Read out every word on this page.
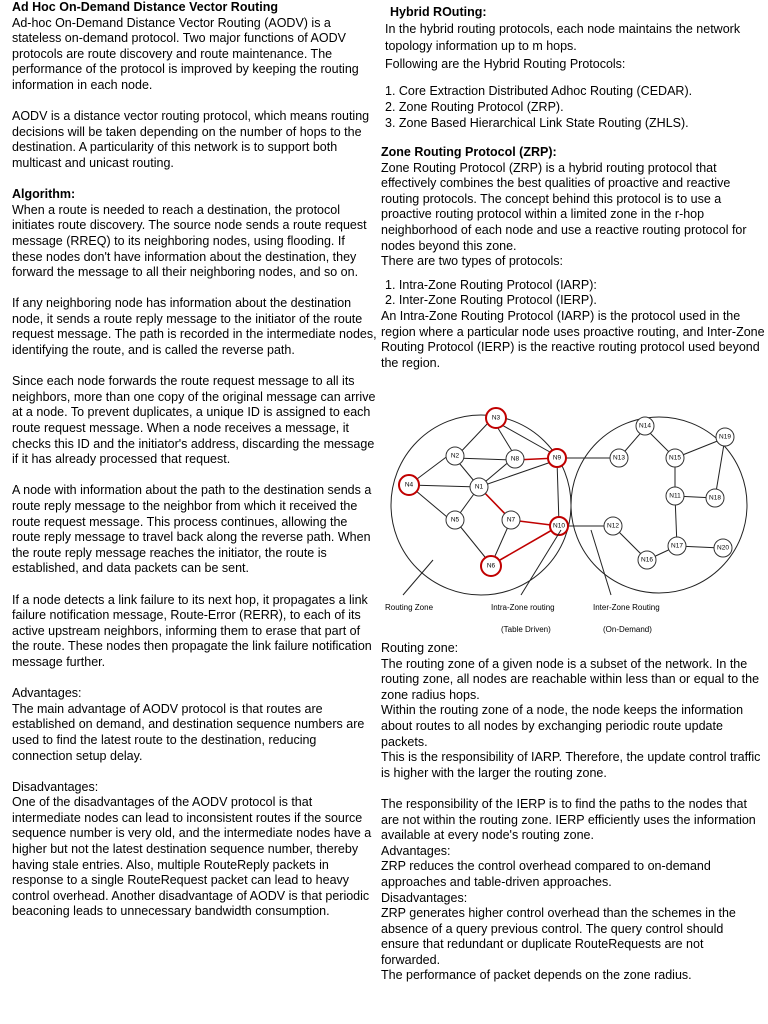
Ad Hoc On-Demand Distance Vector Routing

Ad-hoc On-Demand Distance Vector Routing (AODV) is a stateless on-demand protocol. Two major functions of AODV protocols are route discovery and route maintenance. The performance of the protocol is improved by keeping the routing information in each node.

AODV is a distance vector routing protocol, which means routing decisions will be taken depending on the number of hops to the destination. A particularity of this network is to support both multicast and unicast routing.

Algorithm:

When a route is needed to reach a destination, the protocol initiates route discovery. The source node sends a route request message (RREQ) to its neighboring nodes, using flooding. If these nodes don't have information about the destination, they forward the message to all their neighboring nodes, and so on.

If any neighboring node has information about the destination node, it sends a route reply message to the initiator of the route request message. The path is recorded in the intermediate nodes, identifying the route, and is called the reverse path.

Since each node forwards the route request message to all its neighbors, more than one copy of the original message can arrive at a node. To prevent duplicates, a unique ID is assigned to each route request message. When a node receives a message, it checks this ID and the initiator's address, discarding the message if it has already processed that request.

A node with information about the path to the destination sends a route reply message to the neighbor from which it received the route request message. This process continues, allowing the route reply message to travel back along the reverse path. When the route reply message reaches the initiator, the route is established, and data packets can be sent.

If a node detects a link failure to its next hop, it propagates a link failure notification message, Route-Error (RERR), to each of its active upstream neighbors, informing them to erase that part of the route. These nodes then propagate the link failure notification message further.

Advantages:

The main advantage of AODV protocol is that routes are established on demand, and destination sequence numbers are used to find the latest route to the destination, reducing connection setup delay.

Disadvantages:

One of the disadvantages of the AODV protocol is that intermediate nodes can lead to inconsistent routes if the source sequence number is very old, and the intermediate nodes have a higher but not the latest destination sequence number, thereby having stale entries. Also, multiple RouteReply packets in response to a single RouteRequest packet can lead to heavy control overhead. Another disadvantage of AODV is that periodic beaconing leads to unnecessary bandwidth consumption.

Hybrid ROuting:

In the hybrid routing protocols, each node maintains the network topology information up to m hops.

Following are the Hybrid Routing Protocols:

1. Core Extraction Distributed Adhoc Routing (CEDAR).
2. Zone Routing Protocol (ZRP).
3. Zone Based Hierarchical Link State Routing (ZHLS).
Zone Routing Protocol (ZRP):

Zone Routing Protocol (ZRP) is a hybrid routing protocol that effectively combines the best qualities of proactive and reactive routing protocols. The concept behind this protocol is to use a proactive routing protocol within a limited zone in the r-hop neighborhood of each node and use a reactive routing protocol for nodes beyond this zone.

There are two types of protocols:

1. Intra-Zone Routing Protocol (IARP):
2. Inter-Zone Routing Protocol (IERP).

An Intra-Zone Routing Protocol (IARP) is the protocol used in the region where a particular node uses proactive routing, and Inter-Zone Routing Protocol (IERP) is the reactive routing protocol used beyond the region.

N3
N2
N4	N1
N8	N9
N5	N7
N6
N10
N13
N14
N15
N19
N11	N18
N12
N17
N16
N20
Routing Zone	Intra-Zone routing
(Table Driven)
Inter-Zone Routing
(On-Demand)

Routing zone:

The routing zone of a given node is a subset of the network. In the routing zone, all nodes are reachable within less than or equal to the zone radius hops.

Within the routing zone of a node, the node keeps the information about routes to all nodes by exchanging periodic route update packets.

This is the responsibility of IARP. Therefore, the update control traffic is higher with the larger the routing zone.

The responsibility of the IERP is to find the paths to the nodes that are not within the routing zone. IERP efficiently uses the information available at every node's routing zone.

Advantages:

ZRP reduces the control overhead compared to on-demand approaches and table-driven approaches.

Disadvantages:

ZRP generates higher control overhead than the schemes in the absence of a query previous control. The query control should ensure that redundant or duplicate RouteRequests are not forwarded.

The performance of packet depends on the zone radius.
